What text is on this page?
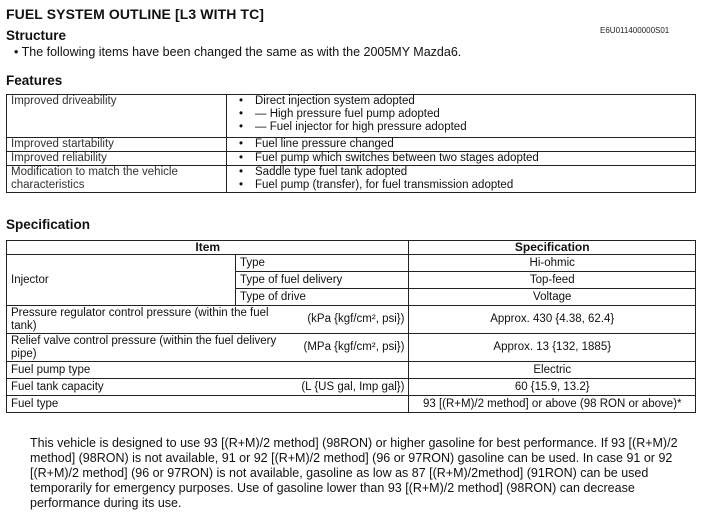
FUEL SYSTEM OUTLINE [L3 WITH TC]
E6U011400000S01
Structure
• The following items have been changed the same as with the 2005MY Mazda6.
Features
Improved driveability	• Direct injection system adopted
• — High pressure fuel pump adopted
• — Fuel injector for high pressure adopted

Improved startability	• Fuel line pressure changed

Improved reliability	• Fuel pump which switches between two stages adopted

Modification to match the vehicle characteristics	• Saddle type fuel tank adopted
• Fuel pump (transfer), for fuel transmission adopted
Specification
Item		Specification
Injector	Type	Hi-ohmic
	Type of fuel delivery	Top-feed
	Type of drive	Voltage
Pressure regulator control pressure (within the fuel tank)
(kPa {kgf/cm², psi})		Approx. 430 {4.38, 62.4}
Relief valve control pressure (within the fuel delivery pipe)
(MPa {kgf/cm², psi})		Approx. 13 {132, 1885}
Fuel pump type		Electric
Fuel tank capacity (L {US gal, Imp gal})		60 {15.9, 13.2}
Fuel type		93 [(R+M)/2 method] or above (98 RON or above)*
This vehicle is designed to use 93 [(R+M)/2 method] (98RON) or higher gasoline for best performance. If 93 [(R+M)/2 method] (98RON) is not available, 91 or 92 [(R+M)/2 method] (96 or 97RON) gasoline can be used. In case 91 or 92 [(R+M)/2 method] (96 or 97RON) is not available, gasoline as low as 87 [(R+M)/2method] (91RON) can be used temporarily for emergency purposes. Use of gasoline lower than 93 [(R+M)/2 method] (98RON) can decrease performance during its use.
